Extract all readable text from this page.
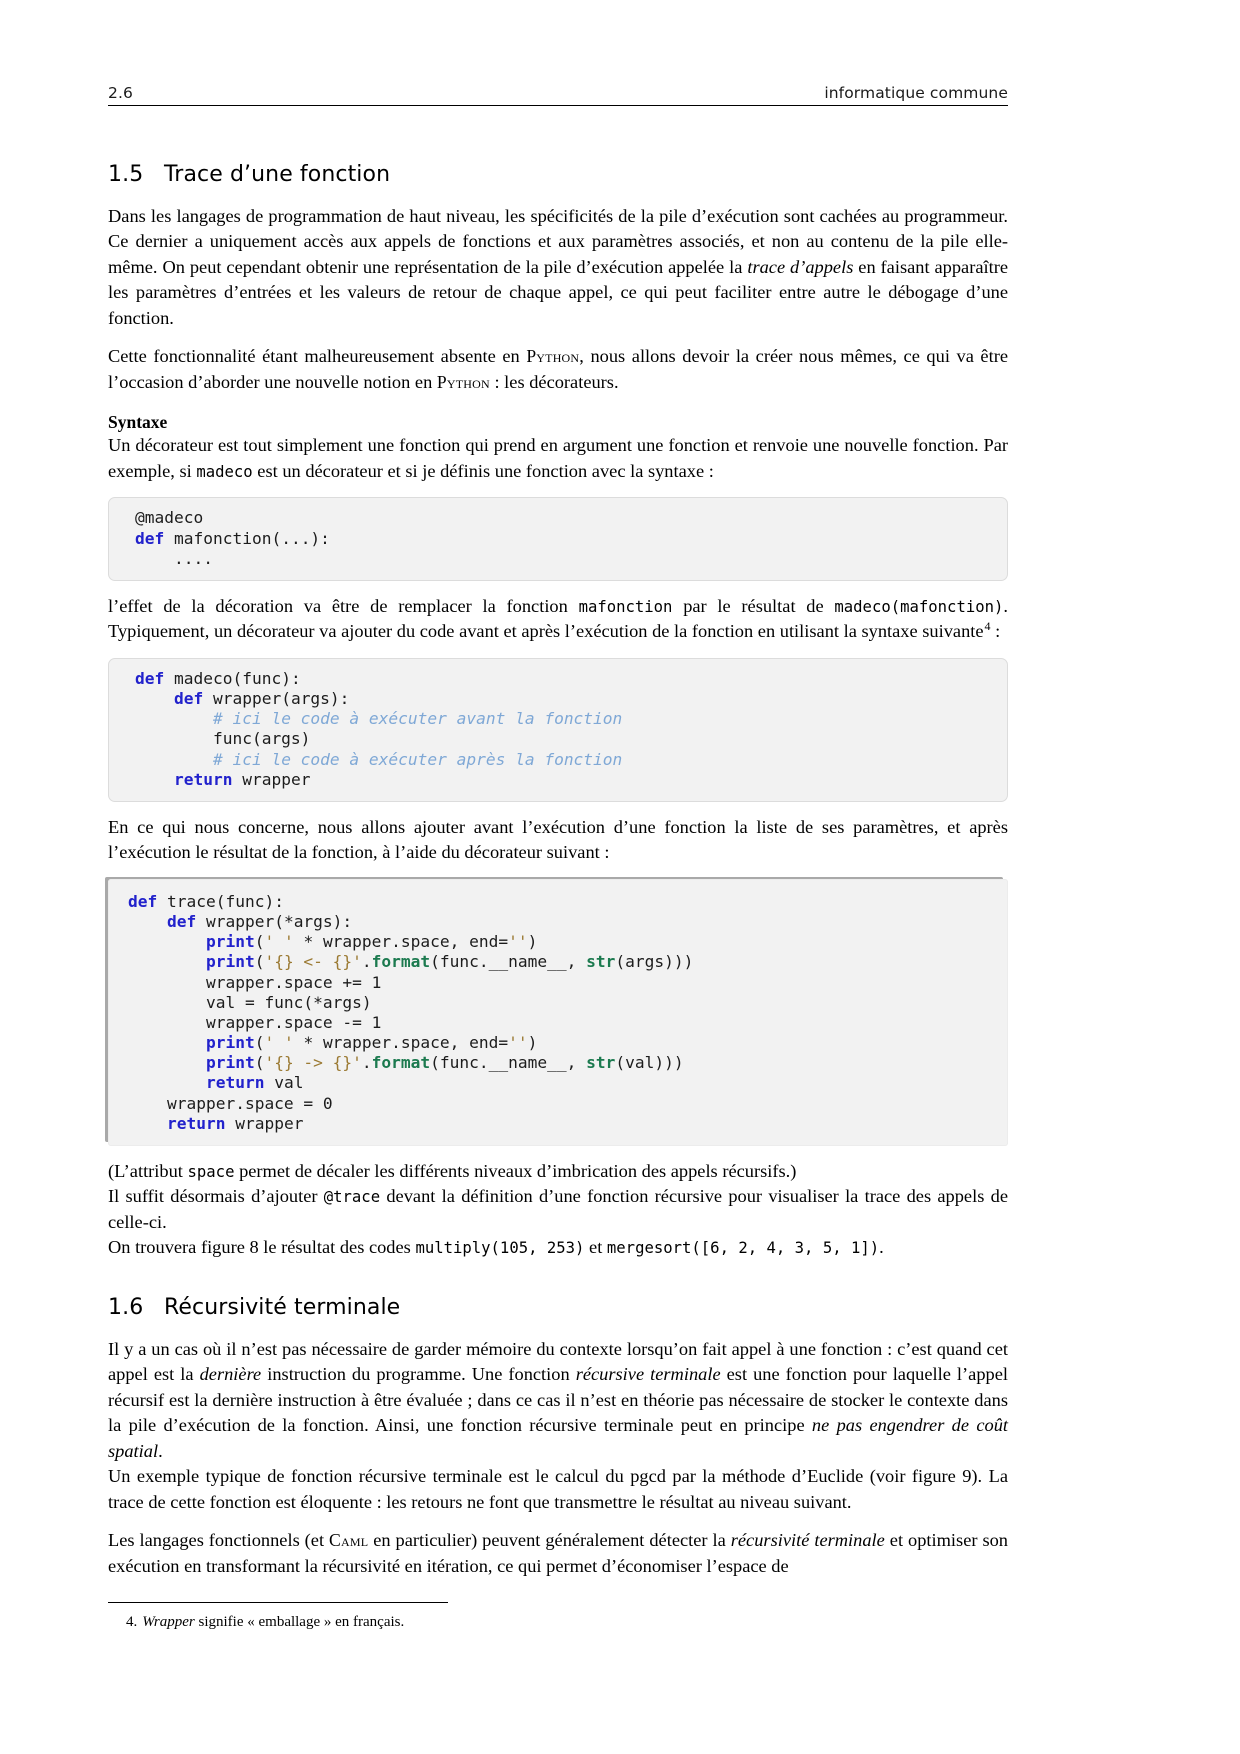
2.6	informatique commune
1.5 Trace d’une fonction

Dans les langages de programmation de haut niveau, les spécificités de la pile d’exécution sont cachées au programmeur. Ce dernier a uniquement accès aux appels de fonctions et aux paramètres associés, et non au contenu de la pile elle-même. On peut cependant obtenir une représentation de la pile d’exécution appelée la trace d’appels en faisant apparaître les paramètres d’entrées et les valeurs de retour de chaque appel, ce qui peut faciliter entre autre le débogage d’une fonction.

Cette fonctionnalité étant malheureusement absente en Python, nous allons devoir la créer nous mêmes, ce qui va être l’occasion d’aborder une nouvelle notion en Python : les décorateurs.

Syntaxe

Un décorateur est tout simplement une fonction qui prend en argument une fonction et renvoie une nouvelle fonction. Par exemple, si madeco est un décorateur et si je définis une fonction avec la syntaxe :

@madeco

def mafonction(...):

....

l’effet de la décoration va être de remplacer la fonction mafonction par le résultat de madeco(mafonction). Typiquement, un décorateur va ajouter du code avant et après l’exécution de la fonction en utilisant la syntaxe suivante$^4$ :

def madeco(func):

def wrapper(args):

# ici le code à exécuter avant la fonction

func(args)

# ici le code à exécuter après la fonction

return wrapper

En ce qui nous concerne, nous allons ajouter avant l’exécution d’une fonction la liste de ses paramètres, et après l’exécution le résultat de la fonction, à l’aide du décorateur suivant :

def trace(func):

def wrapper(*args):

print(' ' * wrapper.space, end='')

print('{} <- {}'.format(func.__name__, str(args)))

wrapper.space += 1

val = func(*args)

wrapper.space -= 1

print(' ' * wrapper.space, end='')

print('{} -> {}'.format(func.__name__, str(val)))

return val

wrapper.space = 0

return wrapper

(L’attribut space permet de décaler les différents niveaux d’imbrication des appels récursifs.)

Il suffit désormais d’ajouter @trace devant la définition d’une fonction récursive pour visualiser la trace des appels de celle-ci.

On trouvera figure 8 le résultat des codes multiply(105, 253) et mergesort([6, 2, 4, 3, 5, 1]).

1.6 Récursivité terminale

Il y a un cas où il n’est pas nécessaire de garder mémoire du contexte lorsqu’on fait appel à une fonction : c’est quand cet appel est la dernière instruction du programme. Une fonction récursive terminale est une fonction pour laquelle l’appel récursif est la dernière instruction à être évaluée ; dans ce cas il n’est en théorie pas nécessaire de stocker le contexte dans la pile d’exécution de la fonction. Ainsi, une fonction récursive terminale peut en principe ne pas engendrer de coût spatial.

Un exemple typique de fonction récursive terminale est le calcul du pgcd par la méthode d’Euclide (voir figure 9). La trace de cette fonction est éloquente : les retours ne font que transmettre le résultat au niveau suivant.

Les langages fonctionnels (et Caml en particulier) peuvent généralement détecter la récursivité terminale et optimiser son exécution en transformant la récursivité en itération, ce qui permet d’économiser l’espace de

4. Wrapper signifie « emballage » en français.
